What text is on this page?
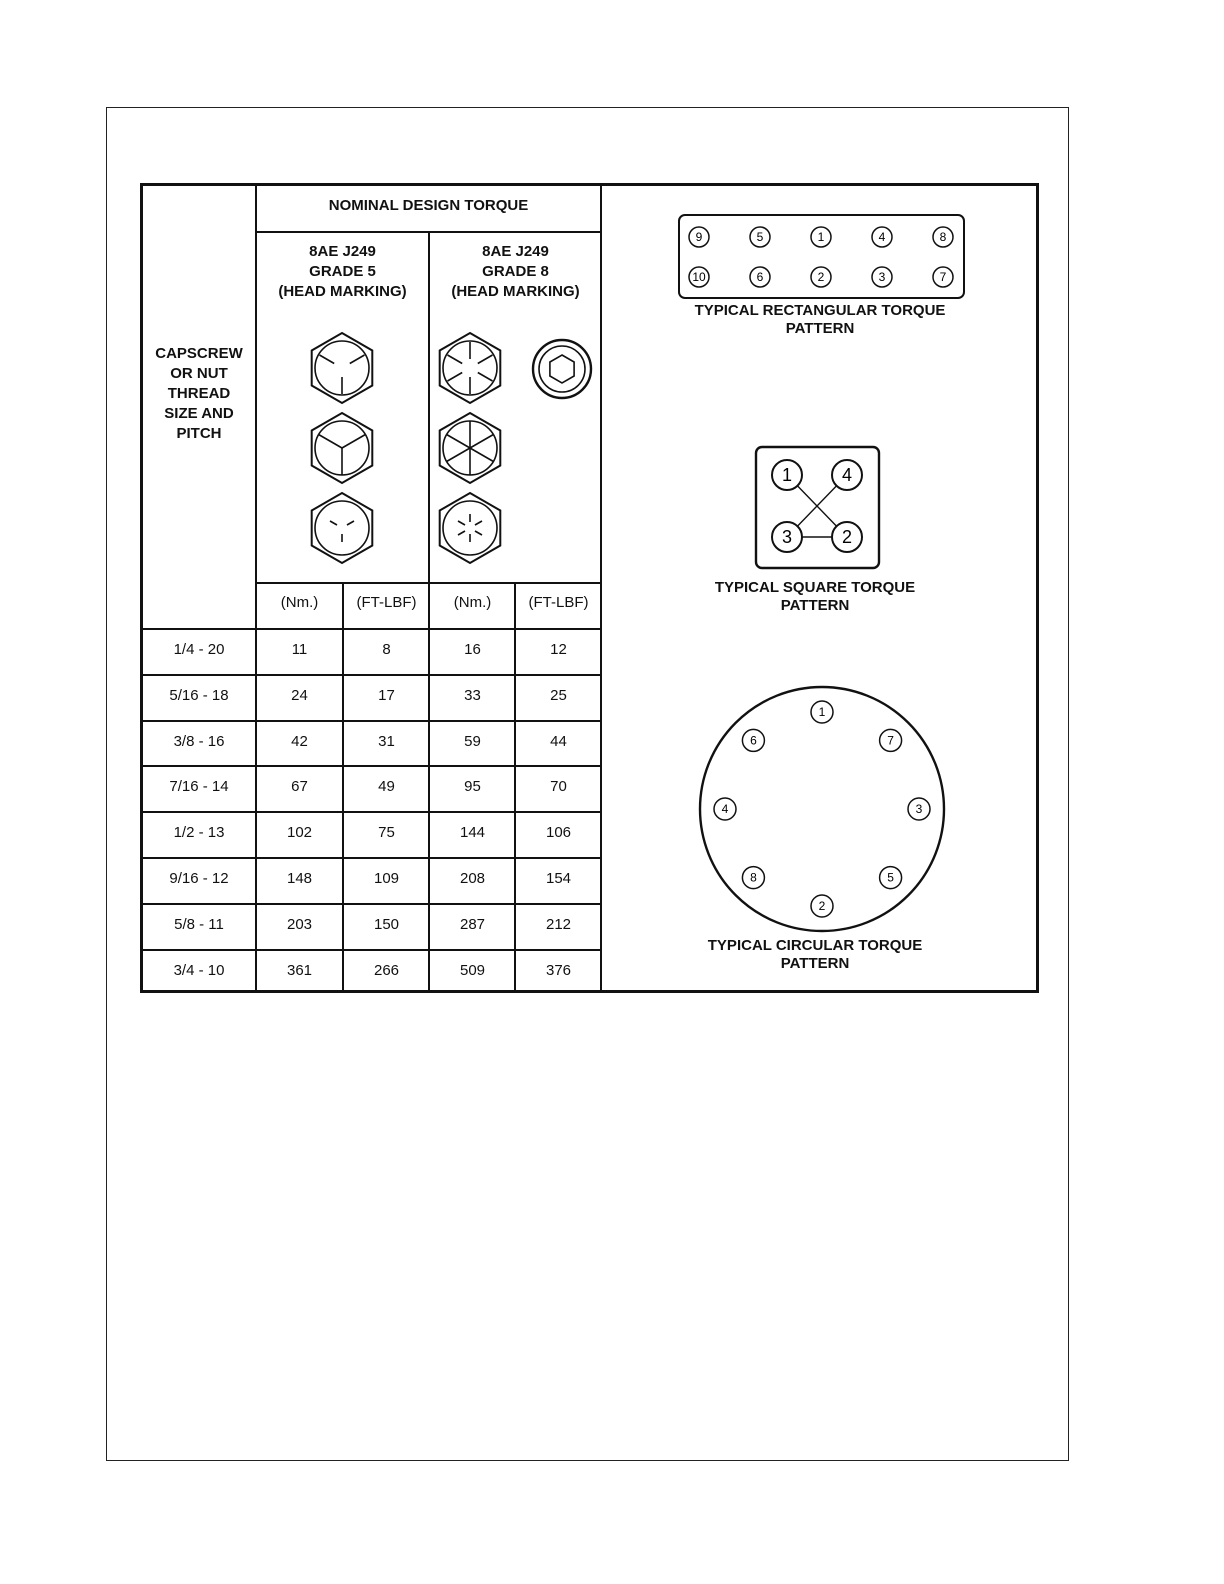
NOMINAL DESIGN TORQUE
CAPSCREW
OR NUT
THREAD
SIZE AND
PITCH
8AE J249
GRADE 5
(HEAD MARKING)
8AE J249
GRADE 8
(HEAD MARKING)
(Nm.)	(FT-LBF)	(Nm.)	(FT-LBF)
9	5	1	4	8
10	6	2	3	7
TYPICAL RECTANGULAR TORQUE
PATTERN
1	4
3	2
TYPICAL SQUARE TORQUE
PATTERN
1
7
3
5
2
8
4
6
TYPICAL CIRCULAR TORQUE
PATTERN
1/4 - 20	11	8	16	12
5/16 - 18	24	17	33	25
3/8 - 16	42	31	59	44
7/16 - 14	67	49	95	70
1/2 - 13	102	75	144	106
9/16 - 12	148	109	208	154
5/8 - 11	203	150	287	212
3/4 - 10	361	266	509	376
